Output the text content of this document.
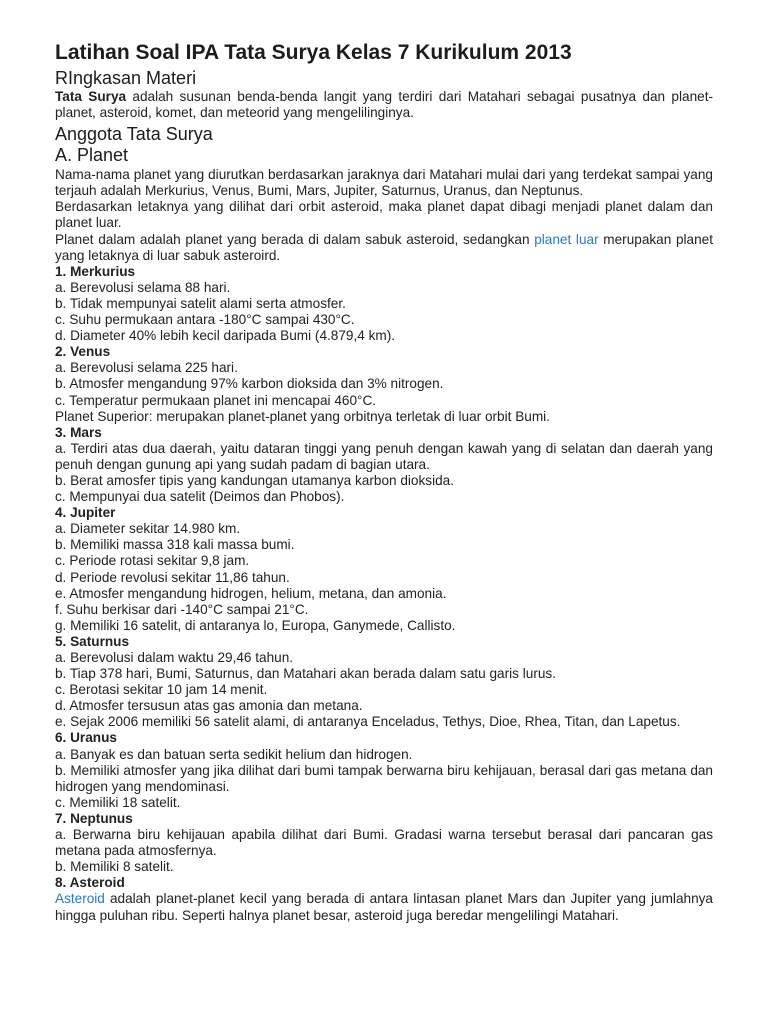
Latihan Soal IPA Tata Surya Kelas 7 Kurikulum 2013
RIngkasan Materi

Tata Surya adalah susunan benda-benda langit yang terdiri dari Matahari sebagai pusatnya dan planet-planet, asteroid, komet, dan meteorid yang mengelilinginya.

Anggota Tata Surya
A. Planet

Nama-nama planet yang diurutkan berdasarkan jaraknya dari Matahari mulai dari yang terdekat sampai yang terjauh adalah Merkurius, Venus, Bumi, Mars, Jupiter, Saturnus, Uranus, dan Neptunus.

Berdasarkan letaknya yang dilihat dari orbit asteroid, maka planet dapat dibagi menjadi planet dalam dan planet luar.

Planet dalam adalah planet yang berada di dalam sabuk asteroid, sedangkan planet luar merupakan planet yang letaknya di luar sabuk asteroird.

1. Merkurius
a. Berevolusi selama 88 hari.
b. Tidak mempunyai satelit alami serta atmosfer.
c. Suhu permukaan antara -180°C sampai 430°C.
d. Diameter 40% lebih kecil daripada Bumi (4.879,4 km).
2. Venus
a. Berevolusi selama 225 hari.
b. Atmosfer mengandung 97% karbon dioksida dan 3% nitrogen.
c. Temperatur permukaan planet ini mencapai 460°C.
Planet Superior: merupakan planet-planet yang orbitnya terletak di luar orbit Bumi.
3. Mars

a. Terdiri atas dua daerah, yaitu dataran tinggi yang penuh dengan kawah yang di selatan dan daerah yang penuh dengan gunung api yang sudah padam di bagian utara.

b. Berat amosfer tipis yang kandungan utamanya karbon dioksida.
c. Mempunyai dua satelit (Deimos dan Phobos).
4. Jupiter
a. Diameter sekitar 14.980 km.
b. Memiliki massa 318 kali massa bumi.
c. Periode rotasi sekitar 9,8 jam.
d. Periode revolusi sekitar 11,86 tahun.
e. Atmosfer mengandung hidrogen, helium, metana, dan amonia.
f. Suhu berkisar dari -140°C sampai 21°C.
g. Memiliki 16 satelit, di antaranya lo, Europa, Ganymede, Callisto.
5. Saturnus
a. Berevolusi dalam waktu 29,46 tahun.
b. Tiap 378 hari, Bumi, Saturnus, dan Matahari akan berada dalam satu garis lurus.
c. Berotasi sekitar 10 jam 14 menit.
d. Atmosfer tersusun atas gas amonia dan metana.

e. Sejak 2006 memiliki 56 satelit alami, di antaranya Enceladus, Tethys, Dioe, Rhea, Titan, dan Lapetus.

6. Uranus
a. Banyak es dan batuan serta sedikit helium dan hidrogen.

b. Memiliki atmosfer yang jika dilihat dari bumi tampak berwarna biru kehijauan, berasal dari gas metana dan hidrogen yang mendominasi.

c. Memiliki 18 satelit.
7. Neptunus

a. Berwarna biru kehijauan apabila dilihat dari Bumi. Gradasi warna tersebut berasal dari pancaran gas metana pada atmosfernya.

b. Memiliki 8 satelit.
8. Asteroid

Asteroid adalah planet-planet kecil yang berada di antara lintasan planet Mars dan Jupiter yang jumlahnya hingga puluhan ribu. Seperti halnya planet besar, asteroid juga beredar mengelilingi Matahari.
